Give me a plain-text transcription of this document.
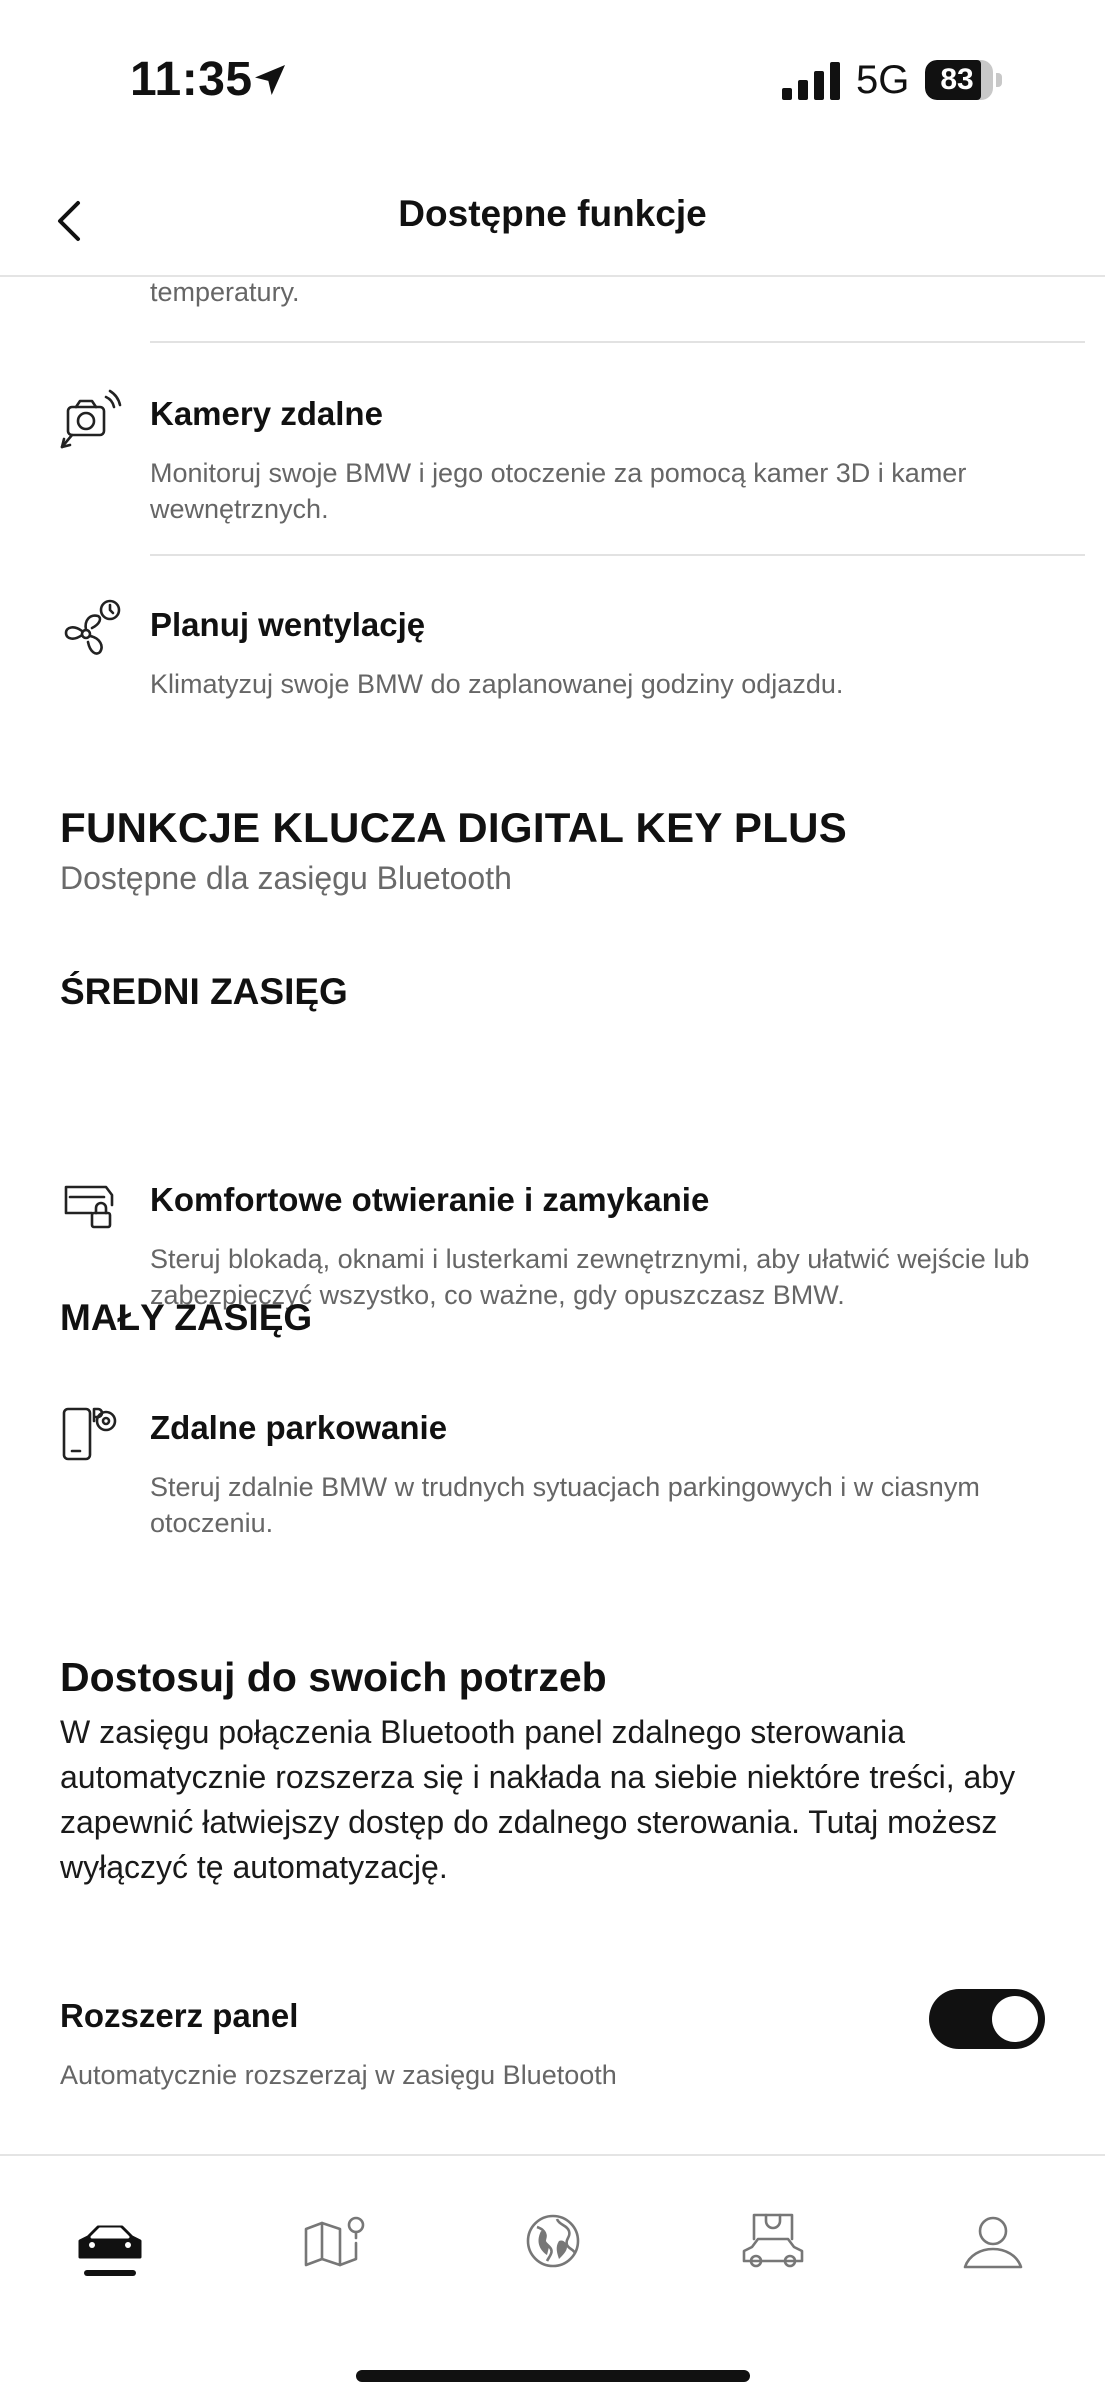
11:35	5G	83
Dostępne funkcje
temperatury.
Kamery zdalne
Monitoruj swoje BMW i jego otoczenie za pomocą kamer 3D i kamer wewnętrznych.
Planuj wentylację
Klimatyzuj swoje BMW do zaplanowanej godziny odjazdu.
FUNKCJE KLUCZA DIGITAL KEY PLUS
Dostępne dla zasięgu Bluetooth
ŚREDNI ZASIĘG
Komfortowe otwieranie i zamykanie
Steruj blokadą, oknami i lusterkami zewnętrznymi, aby ułatwić wejście lub zabezpieczyć wszystko, co ważne, gdy opuszczasz BMW.
MAŁY ZASIĘG
Zdalne parkowanie
Steruj zdalnie BMW w trudnych sytuacjach parkingowych i w ciasnym otoczeniu.
Dostosuj do swoich potrzeb
W zasięgu połączenia Bluetooth panel zdalnego sterowania automatycznie rozszerza się i nakłada na siebie niektóre treści, aby zapewnić łatwiejszy dostęp do zdalnego sterowania. Tutaj możesz wyłączyć tę automatyzację.
Rozszerz panel
Automatycznie rozszerzaj w zasięgu Bluetooth
